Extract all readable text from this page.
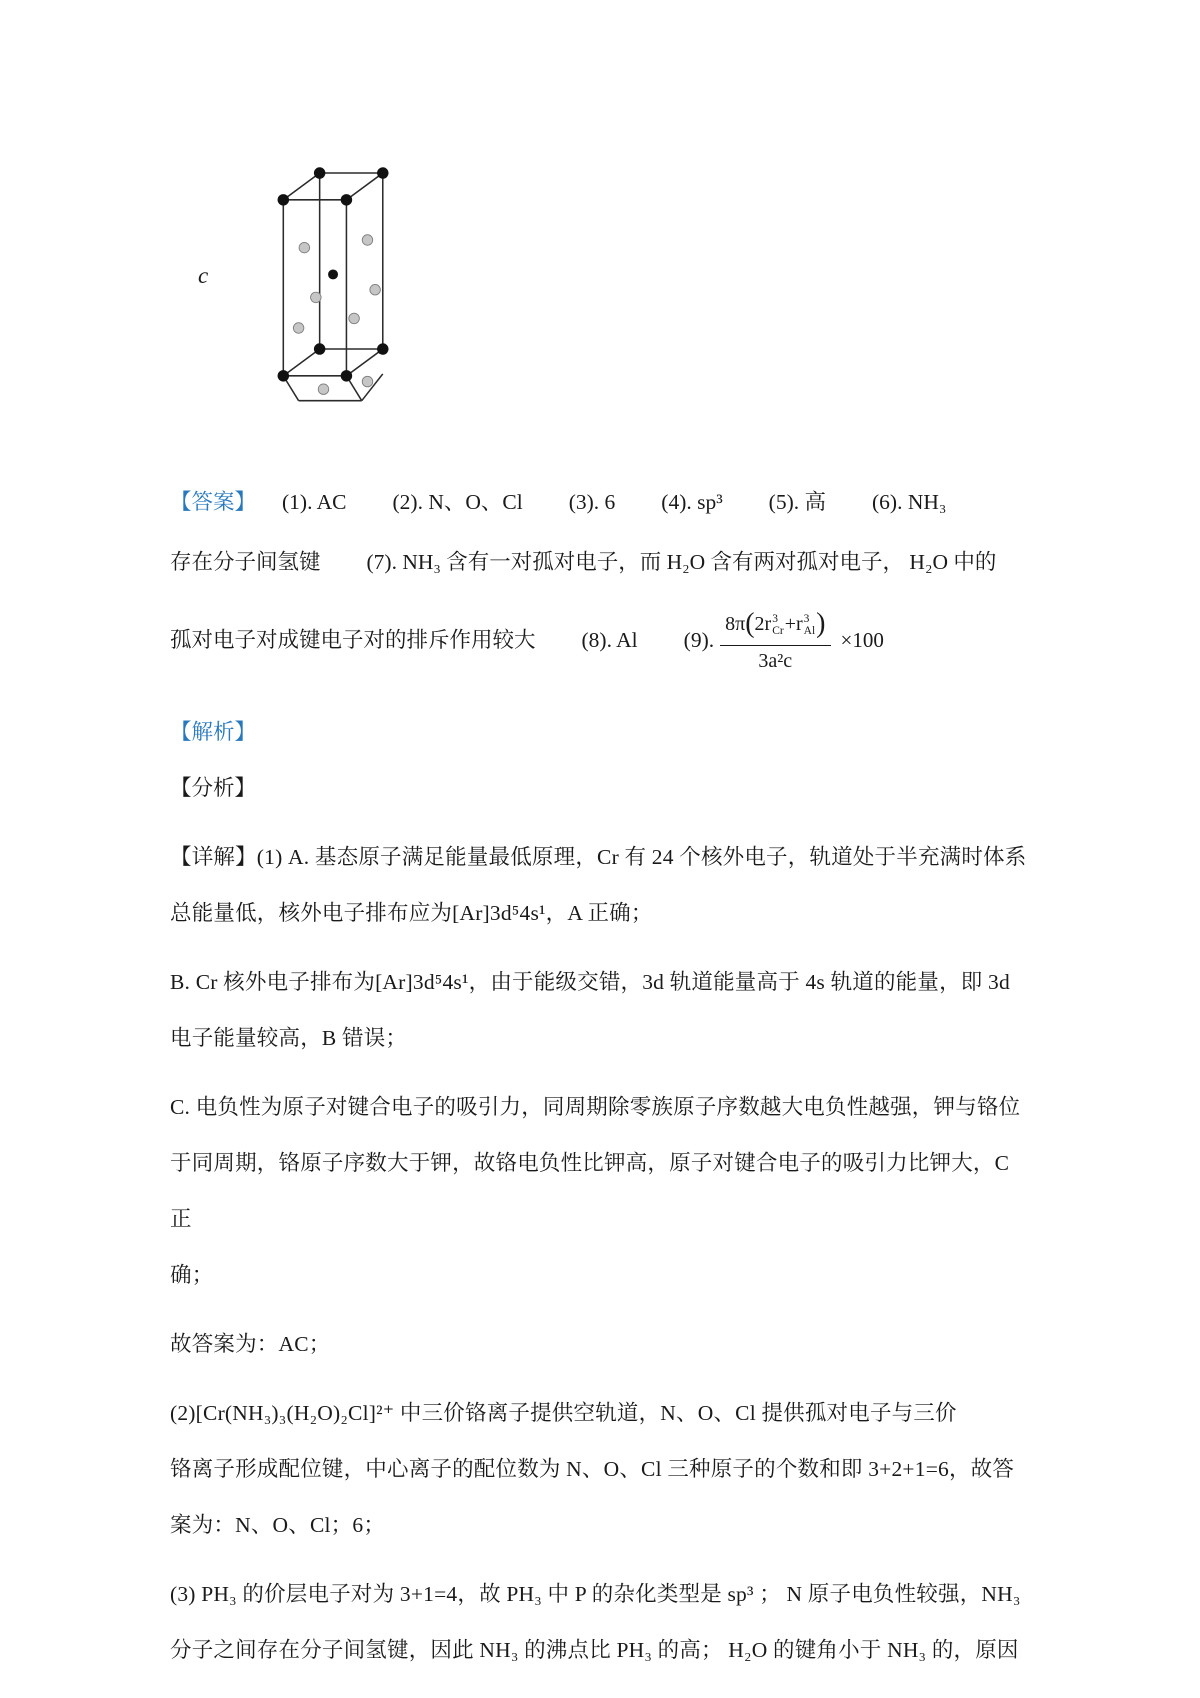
c
【答案】 (1). AC (2). N、O、Cl (3). 6 (4). sp³ (5). 高 (6). NH₃
存在分子间氢键 (7). NH₃ 含有一对孤对电子，而 H₂O 含有两对孤对电子， H₂O 中的
孤对电子对成键电子对的排斥作用较大 (8). Al (9).
8π ( 2r 3
Cr + r 3
Al )
3a²c
×100
【解析】
【分析】
【详解】(1) A. 基态原子满足能量最低原理，Cr 有 24 个核外电子，轨道处于半充满时体系
总能量低，核外电子排布应为[Ar]3d⁵4s¹，A 正确；
B. Cr 核外电子排布为[Ar]3d⁵4s¹，由于能级交错，3d 轨道能量高于 4s 轨道的能量，即 3d
电子能量较高，B 错误；
C. 电负性为原子对键合电子的吸引力，同周期除零族原子序数越大电负性越强，钾与铬位
于同周期，铬原子序数大于钾，故铬电负性比钾高，原子对键合电子的吸引力比钾大，C 正
确；
故答案为：AC；
(2)[Cr(NH₃)₃(H₂O)₂Cl]²⁺ 中三价铬离子提供空轨道，N、O、Cl 提供孤对电子与三价
铬离子形成配位键，中心离子的配位数为 N、O、Cl 三种原子的个数和即 3+2+1=6，故答
案为：N、O、Cl；6；
(3) PH₃ 的价层电子对为 3+1=4，故 PH₃ 中 P 的杂化类型是 sp³ ； N 原子电负性较强，NH₃
分子之间存在分子间氢键，因此 NH₃ 的沸点比 PH₃ 的高； H₂O 的键角小于 NH₃ 的，原因
